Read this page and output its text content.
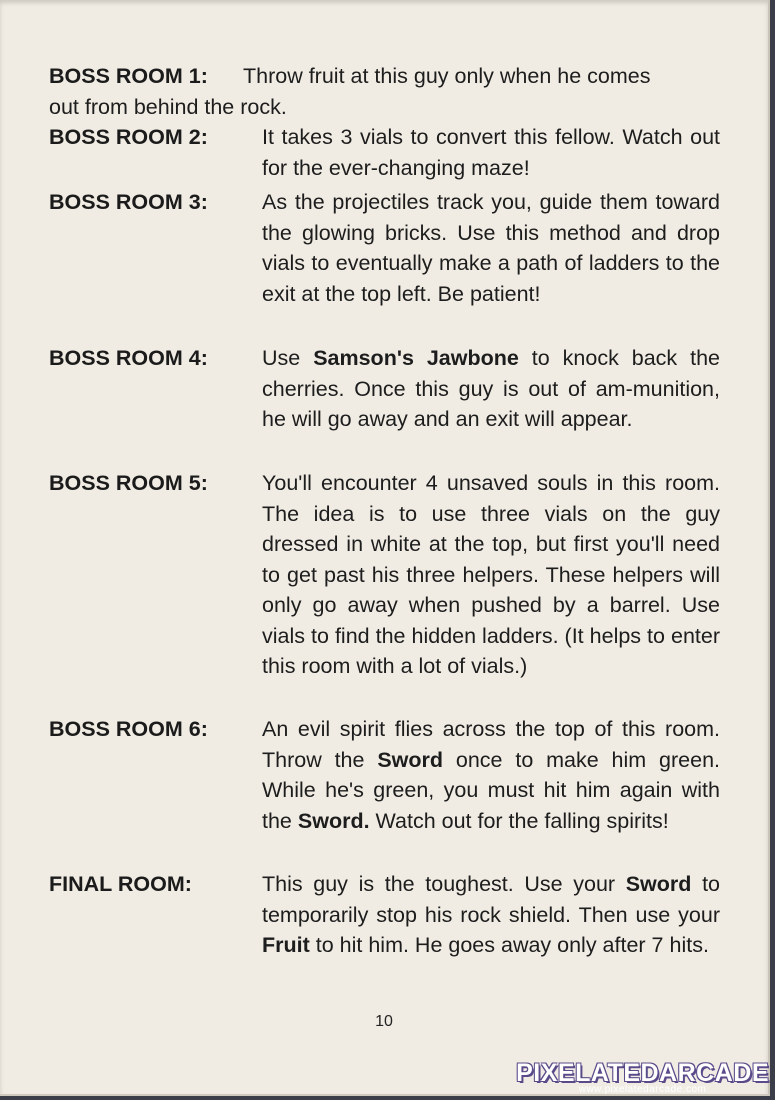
BOSS ROOM 1:	Throw fruit at this guy only when he comes
out from behind the rock.
BOSS ROOM 2:	It takes 3 vials to convert this fellow. Watch out for the ever-changing maze!
BOSS ROOM 3:	As the projectiles track you, guide them toward the glowing bricks. Use this method and drop vials to eventually make a path of ladders to the exit at the top left. Be patient!
BOSS ROOM 4:	Use Samson's Jawbone to knock back the cherries. Once this guy is out of am-munition, he will go away and an exit will appear.
BOSS ROOM 5:	You'll encounter 4 unsaved souls in this room. The idea is to use three vials on the guy dressed in white at the top, but first you'll need to get past his three helpers. These helpers will only go away when pushed by a barrel. Use vials to find the hidden ladders. (It helps to enter this room with a lot of vials.)
BOSS ROOM 6:	An evil spirit flies across the top of this room. Throw the Sword once to make him green. While he's green, you must hit him again with the Sword. Watch out for the falling spirits!
FINAL ROOM:	This guy is the toughest. Use your Sword to temporarily stop his rock shield. Then use your Fruit to hit him. He goes away only after 7 hits.
10
PIXELATEDARCADE
www.pixelatedarcade.com
